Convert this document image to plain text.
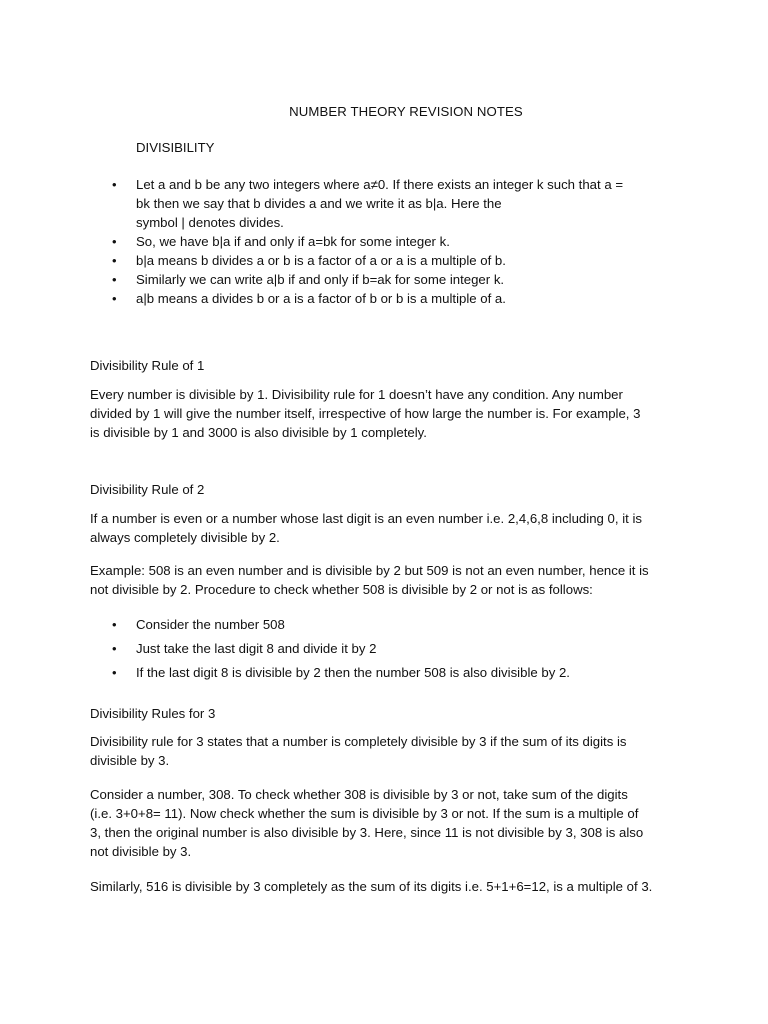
NUMBER THEORY REVISION NOTES
DIVISIBILITY
• Let a and b be any two integers where a≠0. If there exists an integer k such that a =
bk then we say that b divides a and we write it as b|a. Here the
symbol | denotes divides.
• So, we have b|a if and only if a=bk for some integer k.
• b|a means b divides a or b is a factor of a or a is a multiple of b.
• Similarly we can write a|b if and only if b=ak for some integer k.
• a|b means a divides b or a is a factor of b or b is a multiple of a.
Divisibility Rule of 1

Every number is divisible by 1. Divisibility rule for 1 doesn’t have any condition. Any number

divided by 1 will give the number itself, irrespective of how large the number is. For example, 3

is divisible by 1 and 3000 is also divisible by 1 completely.

Divisibility Rule of 2

If a number is even or a number whose last digit is an even number i.e. 2,4,6,8 including 0, it is

always completely divisible by 2.

Example: 508 is an even number and is divisible by 2 but 509 is not an even number, hence it is

not divisible by 2. Procedure to check whether 508 is divisible by 2 or not is as follows:

• Consider the number 508
• Just take the last digit 8 and divide it by 2
• If the last digit 8 is divisible by 2 then the number 508 is also divisible by 2.
Divisibility Rules for 3

Divisibility rule for 3 states that a number is completely divisible by 3 if the sum of its digits is

divisible by 3.

Consider a number, 308. To check whether 308 is divisible by 3 or not, take sum of the digits

(i.e. 3+0+8= 11). Now check whether the sum is divisible by 3 or not. If the sum is a multiple of

3, then the original number is also divisible by 3. Here, since 11 is not divisible by 3, 308 is also

not divisible by 3.

Similarly, 516 is divisible by 3 completely as the sum of its digits i.e. 5+1+6=12, is a multiple of 3.
